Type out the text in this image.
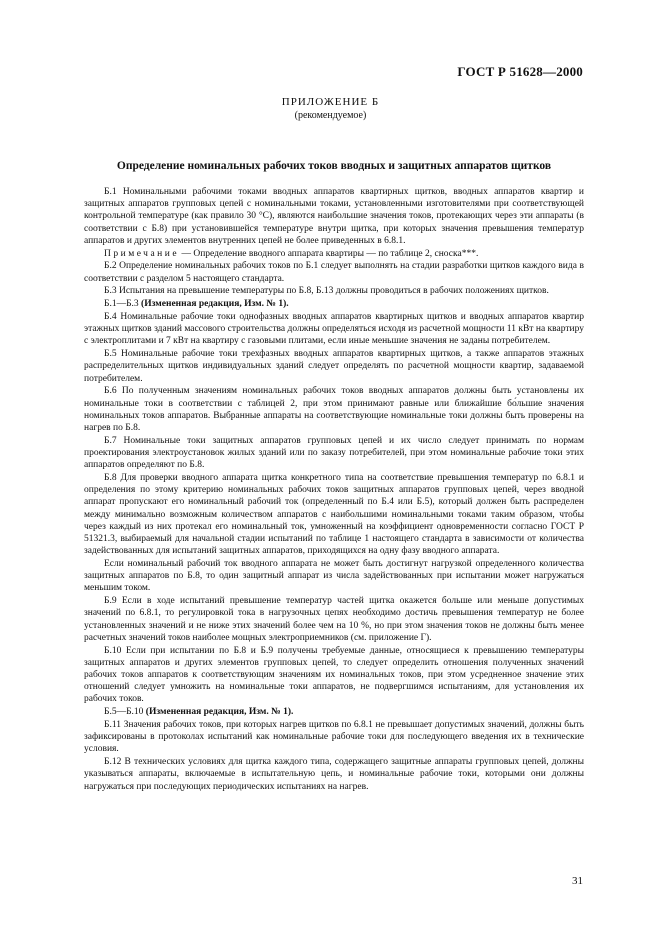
ГОСТ Р 51628—2000
ПРИЛОЖЕНИЕ Б
(рекомендуемое)
Определение номинальных рабочих токов вводных и защитных аппаратов щитков

Б.1 Номинальными рабочими токами вводных аппаратов квартирных щитков, вводных аппаратов квартир и защитных аппаратов групповых цепей с номинальными токами, установленными изготовителями при соответствующей контрольной температуре (как правило 30 °С), являются наибольшие значения токов, протекающих через эти аппараты (в соответствии с Б.8) при установившейся температуре внутри щитка, при которых значения превышения температур аппаратов и других элементов внутренних цепей не более приведенных в 6.8.1.

Примечание — Определение вводного аппарата квартиры — по таблице 2, сноска***.

Б.2 Определение номинальных рабочих токов по Б.1 следует выполнять на стадии разработки щитков каждого вида в соответствии с разделом 5 настоящего стандарта.

Б.3 Испытания на превышение температуры по Б.8, Б.13 должны проводиться в рабочих положениях щитков.

Б.1—Б.3 (Измененная редакция, Изм. № 1).

Б.4 Номинальные рабочие токи однофазных вводных аппаратов квартирных щитков и вводных аппаратов квартир этажных щитков зданий массового строительства должны определяться исходя из расчетной мощности 11 кВт на квартиру с электроплитами и 7 кВт на квартиру с газовыми плитами, если иные меньшие значения не заданы потребителем.

Б.5 Номинальные рабочие токи трехфазных вводных аппаратов квартирных щитков, а также аппаратов этажных распределительных щитков индивидуальных зданий следует определять по расчетной мощности квартир, задаваемой потребителем.

Б.6 По полученным значениям номинальных рабочих токов вводных аппаратов должны быть установлены их номинальные токи в соответствии с таблицей 2, при этом принимают равные или ближайшие бо́льшие значения номинальных токов аппаратов. Выбранные аппараты на соответствующие номинальные токи должны быть проверены на нагрев по Б.8.

Б.7 Номинальные токи защитных аппаратов групповых цепей и их число следует принимать по нормам проектирования электроустановок жилых зданий или по заказу потребителей, при этом номинальные рабочие токи этих аппаратов определяют по Б.8.

Б.8 Для проверки вводного аппарата щитка конкретного типа на соответствие превышения температур по 6.8.1 и определения по этому критерию номинальных рабочих токов защитных аппаратов групповых цепей, через вводной аппарат пропускают его номинальный рабочий ток (определенный по Б.4 или Б.5), который должен быть распределен между минимально возможным количеством аппаратов с наибольшими номинальными токами таким образом, чтобы через каждый из них протекал его номинальный ток, умноженный на коэффициент одновременности согласно ГОСТ Р 51321.3, выбираемый для начальной стадии испытаний по таблице 1 настоящего стандарта в зависимости от количества задействованных для испытаний защитных аппаратов, приходящихся на одну фазу вводного аппарата.

Если номинальный рабочий ток вводного аппарата не может быть достигнут нагрузкой определенного количества защитных аппаратов по Б.8, то один защитный аппарат из числа задействованных при испытании может нагружаться меньшим током.

Б.9 Если в ходе испытаний превышение температур частей щитка окажется больше или меньше допустимых значений по 6.8.1, то регулировкой тока в нагрузочных цепях необходимо достичь превышения температур не более установленных значений и не ниже этих значений более чем на 10 %, но при этом значения токов не должны быть менее расчетных значений токов наиболее мощных электроприемников (см. приложение Г).

Б.10 Если при испытании по Б.8 и Б.9 получены требуемые данные, относящиеся к превышению температуры защитных аппаратов и других элементов групповых цепей, то следует определить отношения полученных значений рабочих токов аппаратов к соответствующим значениям их номинальных токов, при этом усредненное значение этих отношений следует умножить на номинальные токи аппаратов, не подвергшимся испытаниям, для установления их рабочих токов.

Б.5—Б.10 (Измененная редакция, Изм. № 1).

Б.11 Значения рабочих токов, при которых нагрев щитков по 6.8.1 не превышает допустимых значений, должны быть зафиксированы в протоколах испытаний как номинальные рабочие токи для последующего введения их в технические условия.

Б.12 В технических условиях для щитка каждого типа, содержащего защитные аппараты групповых цепей, должны указываться аппараты, включаемые в испытательную цепь, и номинальные рабочие токи, которыми они должны нагружаться при последующих периодических испытаниях на нагрев.

31
